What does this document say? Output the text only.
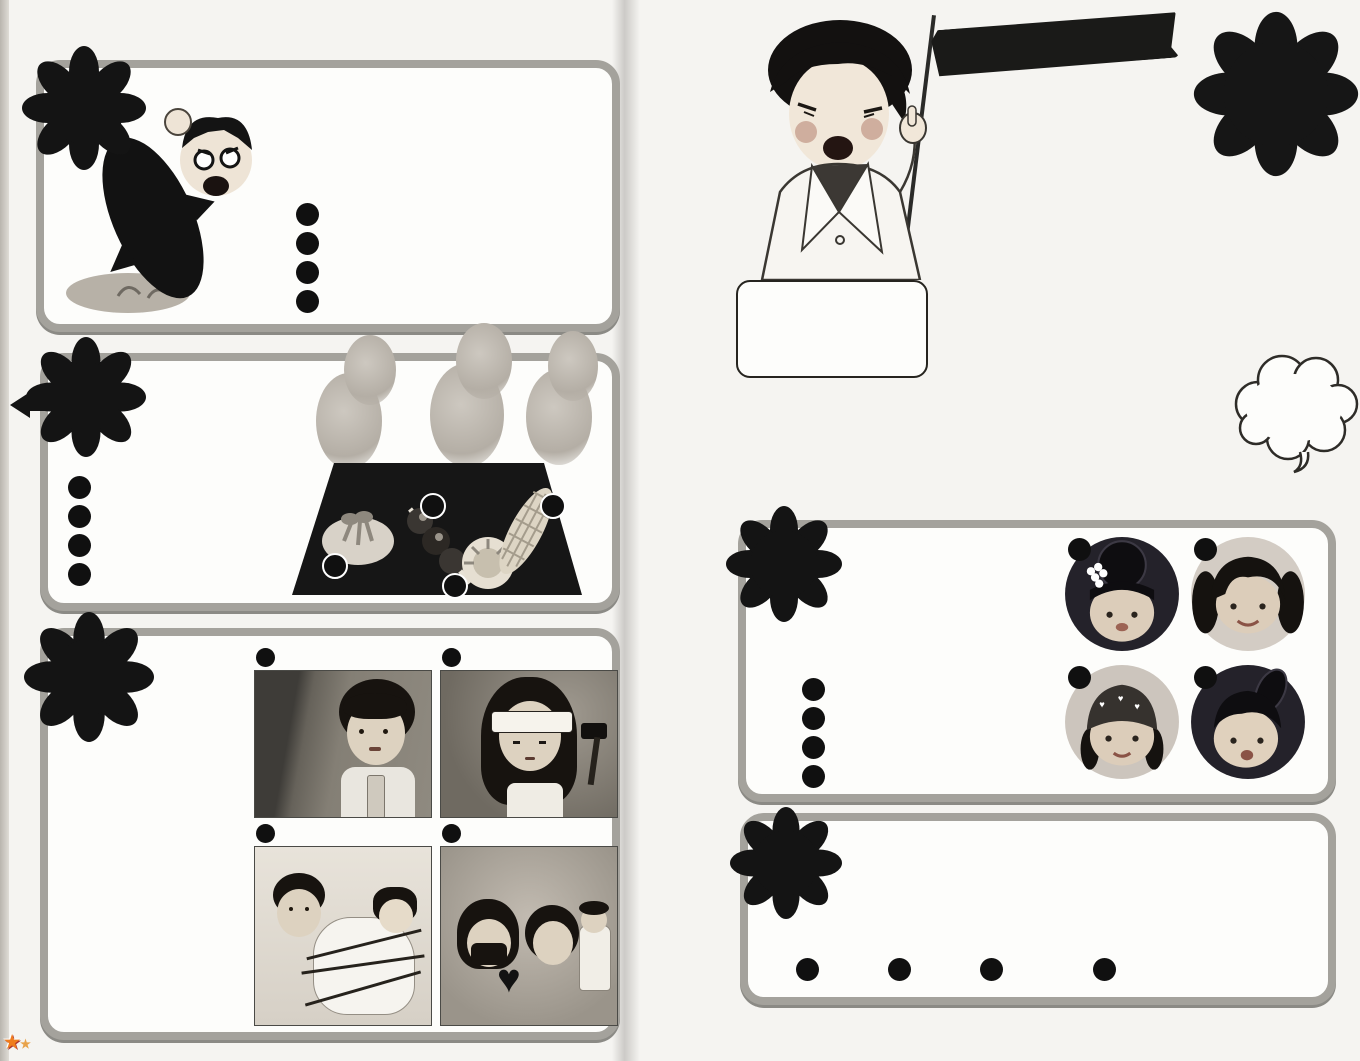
♥
♥
♥
♥
★★
